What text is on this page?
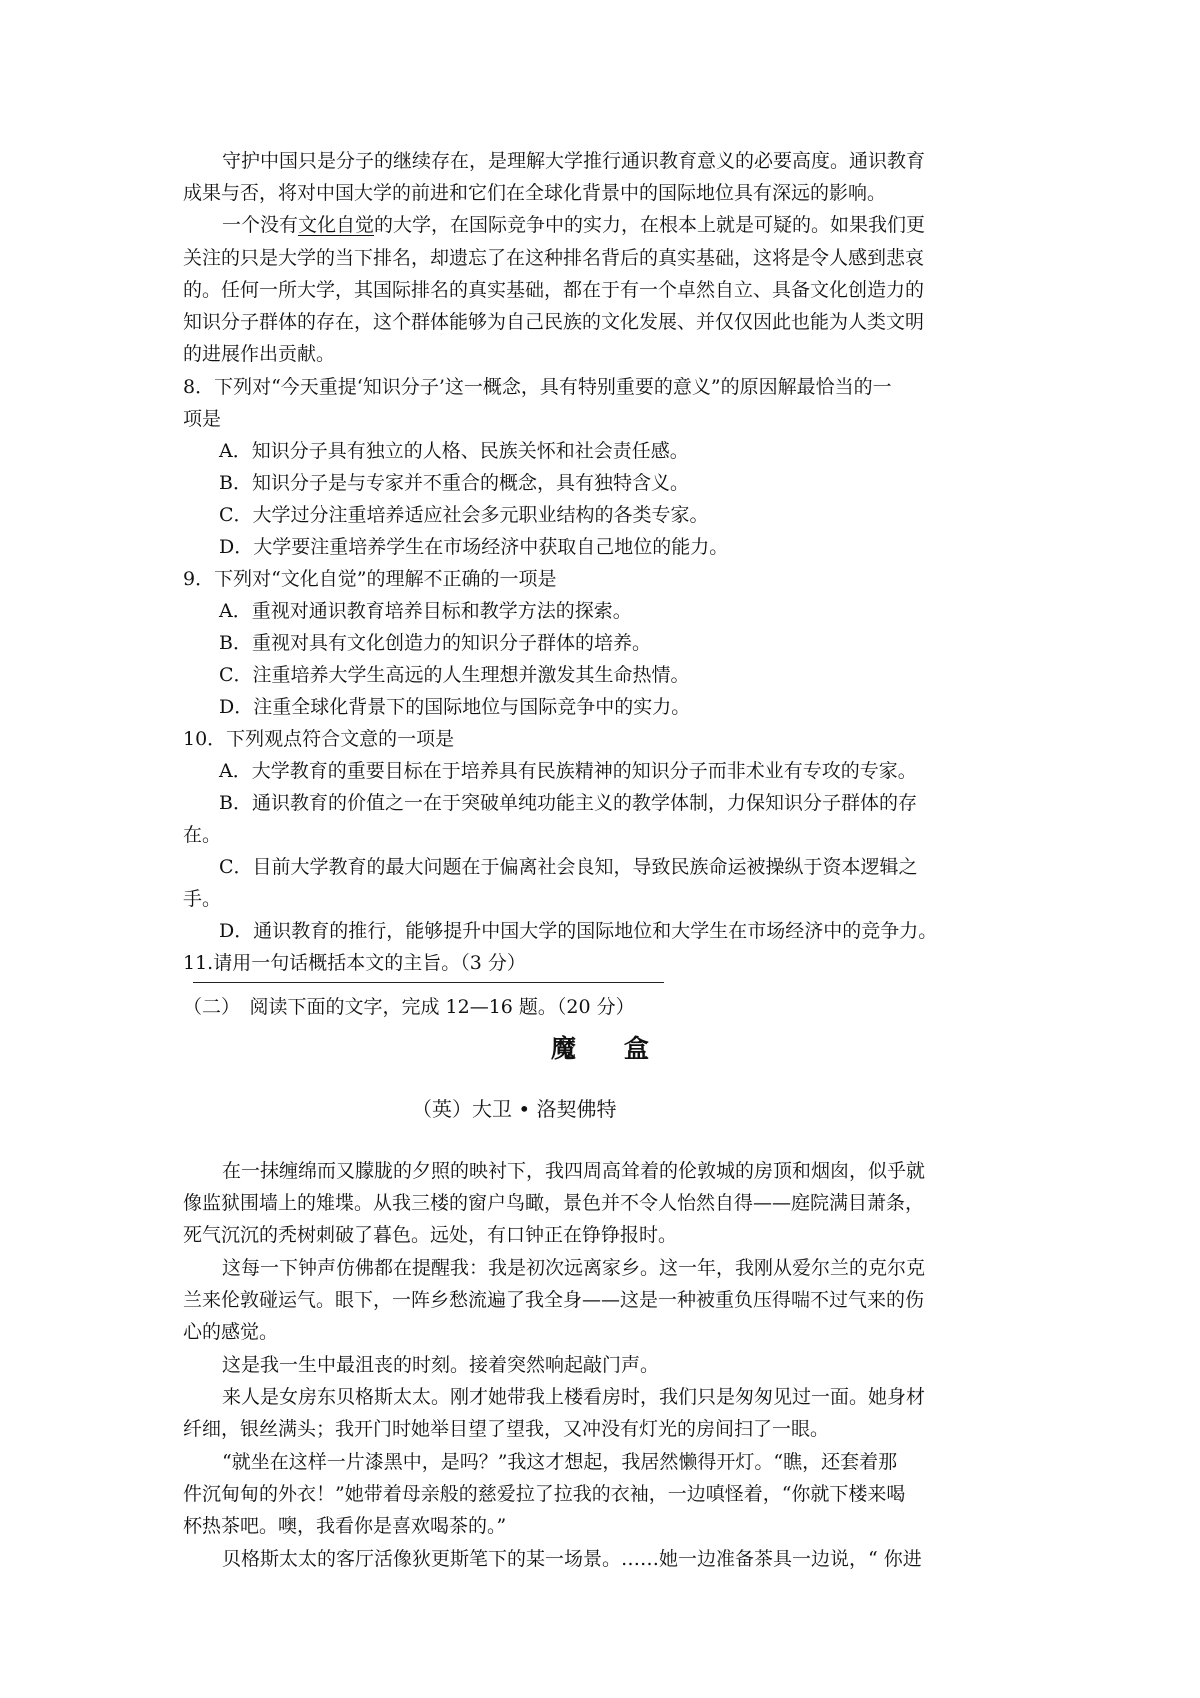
守护中国只是分子的继续存在，是理解大学推行通识教育意义的必要高度。通识教育
成果与否，将对中国大学的前进和它们在全球化背景中的国际地位具有深远的影响。
一个没有文化自觉的大学，在国际竞争中的实力，在根本上就是可疑的。如果我们更
关注的只是大学的当下排名，却遗忘了在这种排名背后的真实基础，这将是令人感到悲哀
的。任何一所大学，其国际排名的真实基础，都在于有一个卓然自立、具备文化创造力的
知识分子群体的存在，这个群体能够为自己民族的文化发展、并仅仅因此也能为人类文明
的进展作出贡献。
8．下列对“今天重提‘知识分子’这一概念，具有特别重要的意义”的原因解最恰当的一
项是
A．知识分子具有独立的人格、民族关怀和社会责任感。
B．知识分子是与专家并不重合的概念，具有独特含义。
C．大学过分注重培养适应社会多元职业结构的各类专家。
D．大学要注重培养学生在市场经济中获取自己地位的能力。
9．下列对“文化自觉”的理解不正确的一项是
A．重视对通识教育培养目标和教学方法的探索。
B．重视对具有文化创造力的知识分子群体的培养。
C．注重培养大学生高远的人生理想并激发其生命热情。
D．注重全球化背景下的国际地位与国际竞争中的实力。
10．下列观点符合文意的一项是
A．大学教育的重要目标在于培养具有民族精神的知识分子而非术业有专攻的专家。
B．通识教育的价值之一在于突破单纯功能主义的教学体制，力保知识分子群体的存
在。
C．目前大学教育的最大问题在于偏离社会良知，导致民族命运被操纵于资本逻辑之
手。
D．通识教育的推行，能够提升中国大学的国际地位和大学生在市场经济中的竞争力。
11.请用一句话概括本文的主旨。（3 分）
（二）　阅读下面的文字，完成 12—16 题。（20 分）
魔 盒
（英）大卫 • 洛契佛特
在一抹缠绵而又朦胧的夕照的映衬下，我四周高耸着的伦敦城的房顶和烟囱，似乎就
像监狱围墙上的雉堞。从我三楼的窗户鸟瞰，景色并不令人怡然自得——庭院满目萧条，
死气沉沉的秃树刺破了暮色。远处，有口钟正在铮铮报时。
这每一下钟声仿佛都在提醒我：我是初次远离家乡。这一年，我刚从爱尔兰的克尔克
兰来伦敦碰运气。眼下，一阵乡愁流遍了我全身——这是一种被重负压得喘不过气来的伤
心的感觉。
这是我一生中最沮丧的时刻。接着突然响起敲门声。
来人是女房东贝格斯太太。刚才她带我上楼看房时，我们只是匆匆见过一面。她身材
纤细，银丝满头；我开门时她举目望了望我，又冲没有灯光的房间扫了一眼。
“就坐在这样一片漆黑中，是吗？”我这才想起，我居然懒得开灯。“瞧，还套着那
件沉甸甸的外衣！”她带着母亲般的慈爱拉了拉我的衣袖，一边嗔怪着，“你就下楼来喝
杯热茶吧。噢，我看你是喜欢喝茶的。”
贝格斯太太的客厅活像狄更斯笔下的某一场景。……她一边准备茶具一边说，“ 你进
